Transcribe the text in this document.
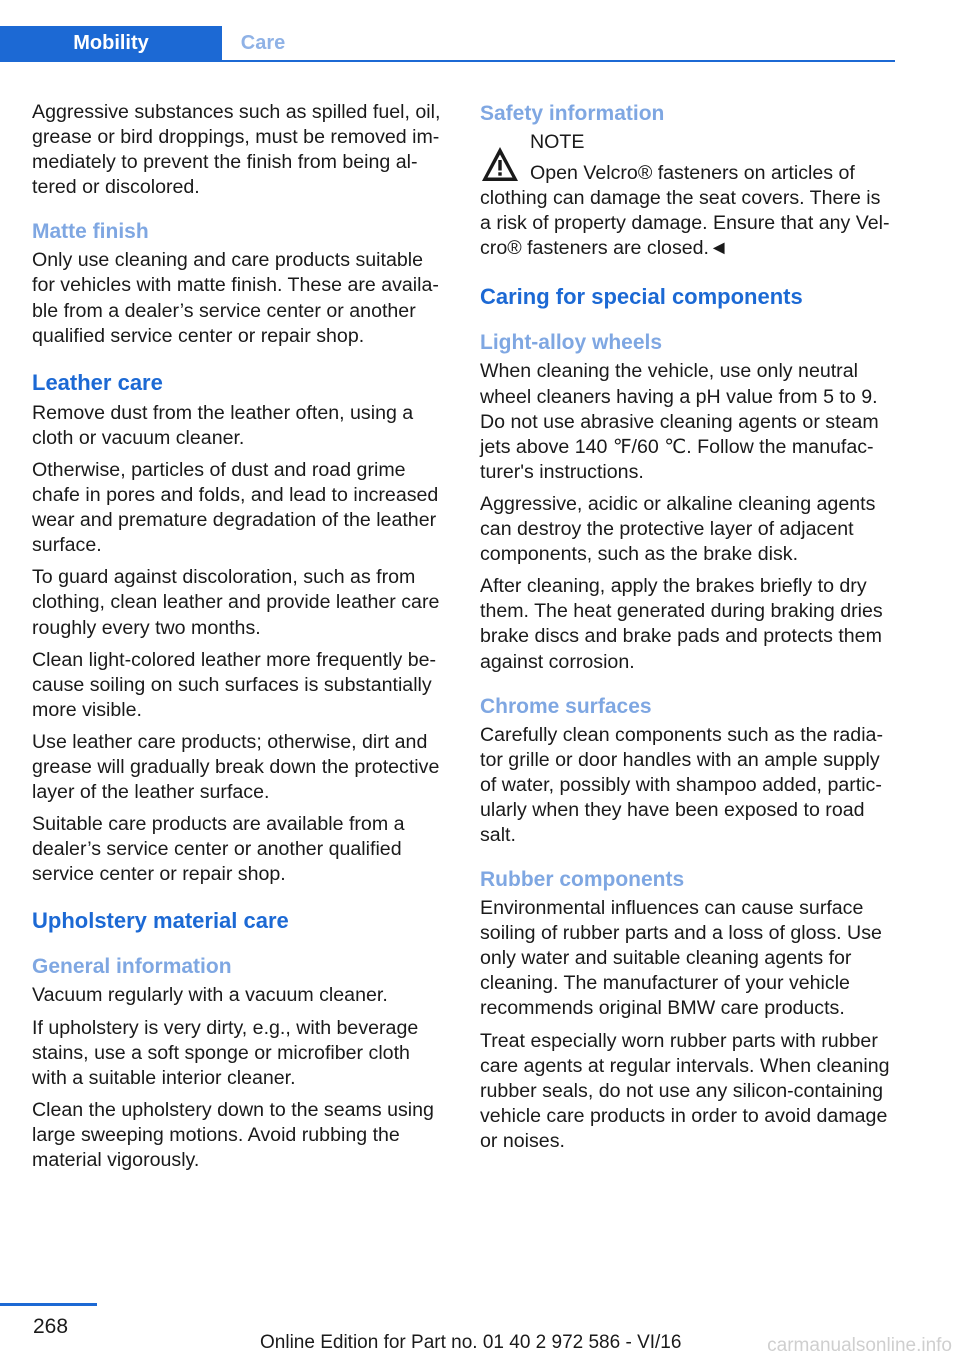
Mobility	Care

Aggressive substances such as spilled fuel, oil, grease or bird droppings, must be removed immediately to prevent the finish from being altered or discolored.

Matte finish

Only use cleaning and care products suitable for vehicles with matte finish. These are available from a dealer’s service center or another qualified service center or repair shop.

Leather care

Remove dust from the leather often, using a cloth or vacuum cleaner.

Otherwise, particles of dust and road grime chafe in pores and folds, and lead to increased wear and premature degradation of the leather surface.

To guard against discoloration, such as from clothing, clean leather and provide leather care roughly every two months.

Clean light-colored leather more frequently because soiling on such surfaces is substantially more visible.

Use leather care products; otherwise, dirt and grease will gradually break down the protective layer of the leather surface.

Suitable care products are available from a dealer’s service center or another qualified service center or repair shop.

Upholstery material care
General information

Vacuum regularly with a vacuum cleaner.

If upholstery is very dirty, e.g., with beverage stains, use a soft sponge or microfiber cloth with a suitable interior cleaner.

Clean the upholstery down to the seams using large sweeping motions. Avoid rubbing the material vigorously.

Safety information

NOTE

Open Velcro® fasteners on articles of

clothing can damage the seat covers. There is a risk of property damage. Ensure that any Velcro® fasteners are closed.◄

Caring for special components
Light-alloy wheels

When cleaning the vehicle, use only neutral wheel cleaners having a pH value from 5 to 9. Do not use abrasive cleaning agents or steam jets above 140 ℉/60 ℃. Follow the manufacturer's instructions.

Aggressive, acidic or alkaline cleaning agents can destroy the protective layer of adjacent components, such as the brake disk.

After cleaning, apply the brakes briefly to dry them. The heat generated during braking dries brake discs and brake pads and protects them against corrosion.

Chrome surfaces

Carefully clean components such as the radiator grille or door handles with an ample supply of water, possibly with shampoo added, particularly when they have been exposed to road salt.

Rubber components

Environmental influences can cause surface soiling of rubber parts and a loss of gloss. Use only water and suitable cleaning agents for cleaning. The manufacturer of your vehicle recommends original BMW care products.

Treat especially worn rubber parts with rubber care agents at regular intervals. When cleaning rubber seals, do not use any silicon-containing vehicle care products in order to avoid damage or noises.

268
Online Edition for Part no. 01 40 2 972 586 - VI/16	carmanualsonline.info
